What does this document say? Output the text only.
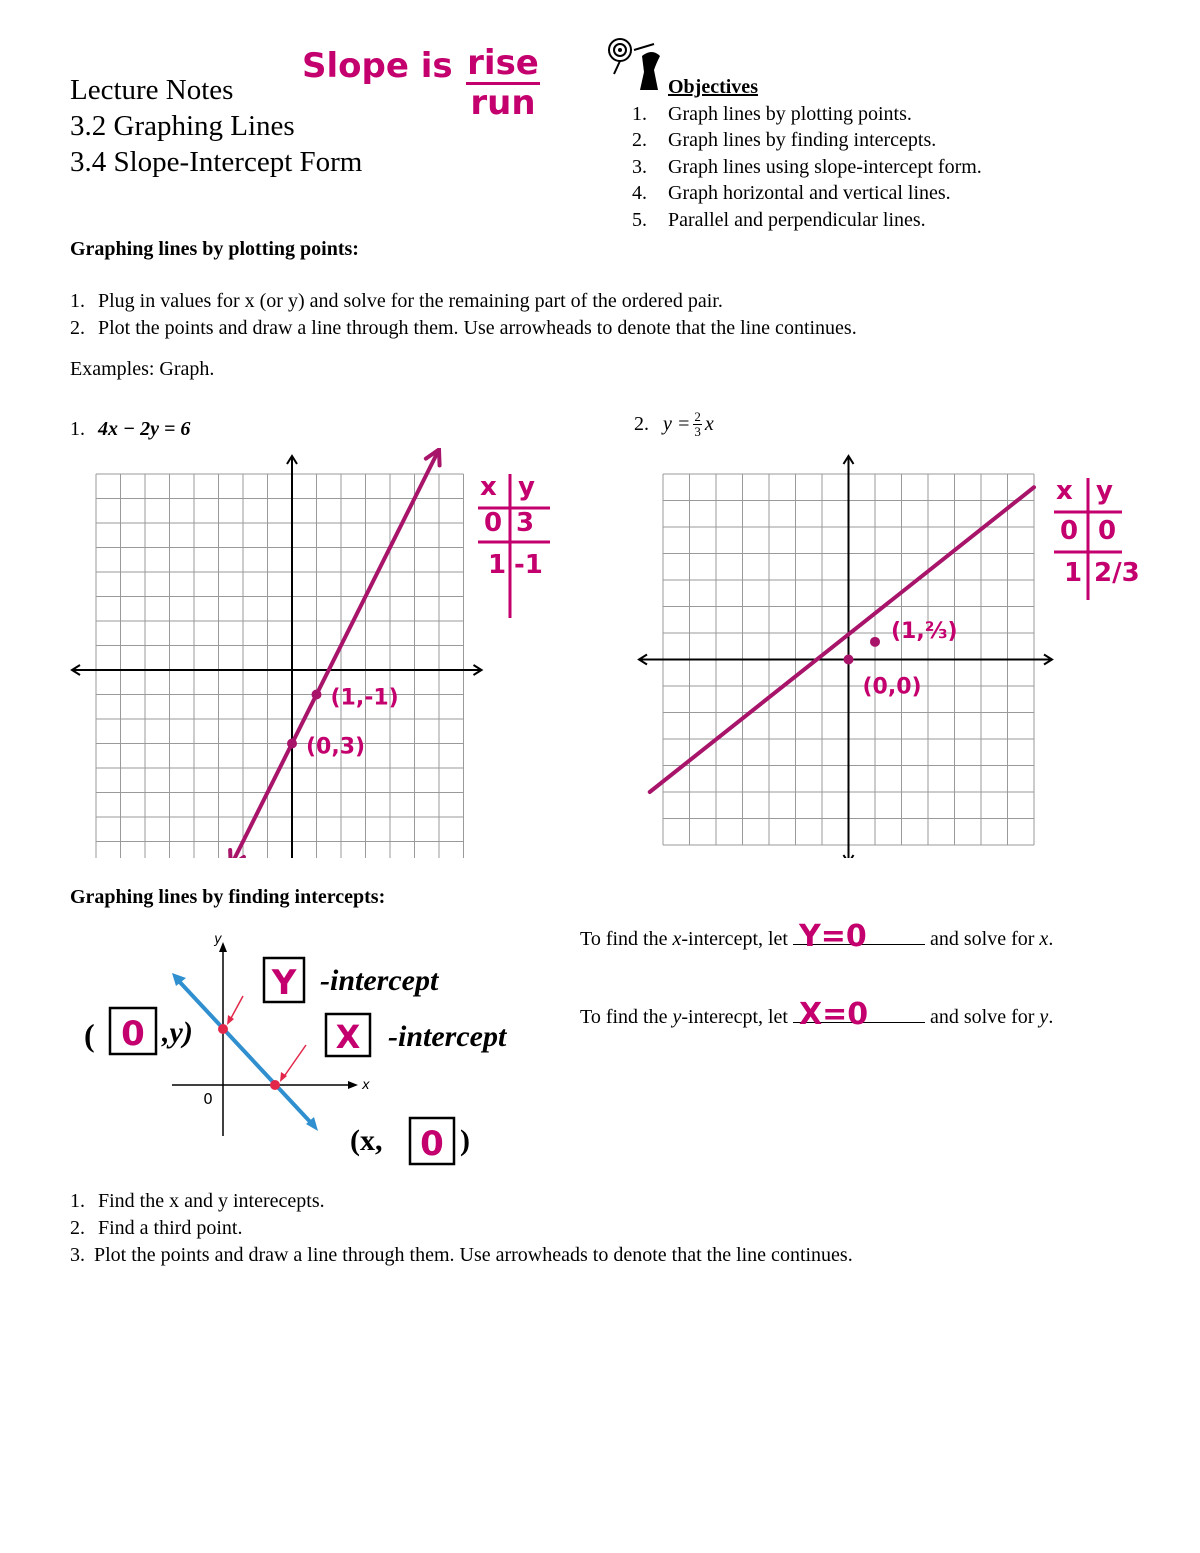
Lecture Notes
3.2 Graphing Lines
3.4 Slope-Intercept Form
Slope is rise
run	Objectives
1.	Graph lines by plotting points.
2.	Graph lines by finding intercepts.
3.	Graph lines using slope-intercept form.
4.	Graph horizontal and vertical lines.
5.	Parallel and perpendicular lines.
Graphing lines by plotting points:
1. Plug in values for x (or y) and solve for the remaining part of the ordered pair.
2. Plot the points and draw a line through them. Use arrowheads to denote that the line continues.
Examples: Graph.
1. 4x − 2y = 6	2. $y = \frac{2}{3}$ x
(0,3)
(1,-1)
x y
0 3
1 -1
(0,0)
(1,⅔)
x y
0 0
1 2/3
Graphing lines by finding intercepts:
y
x
0
Y -intercept
X -intercept
( 0 ,y)
(x, 0 )
To find the x-intercept, let Y=0	and solve for x.
To find the y-interecpt, let X=0	and solve for y.
1. Find the x and y interecepts.
2. Find a third point.
3. Plot the points and draw a line through them. Use arrowheads to denote that the line continues.
